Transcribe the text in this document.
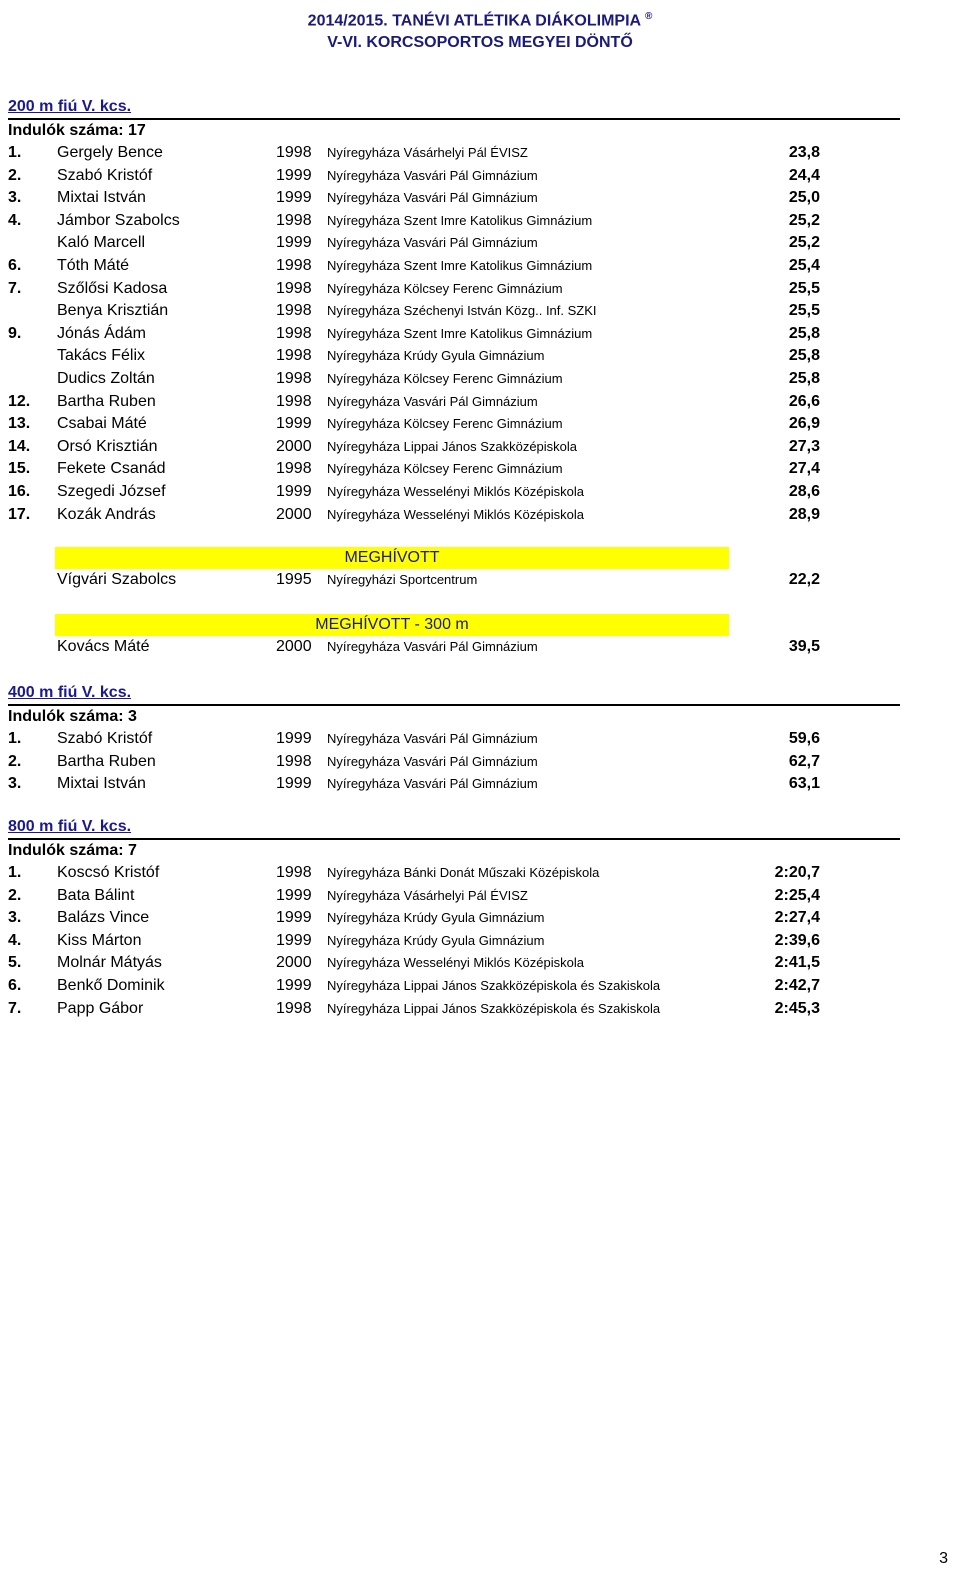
2014/2015. TANÉVI ATLÉTIKA DIÁKOLIMPIA ®
V-VI. KORCSOPORTOS MEGYEI DÖNTŐ
200 m fiú V. kcs.
Indulók száma: 17
1. Gergely Bence	1998 Nyíregyháza Vásárhelyi Pál ÉVISZ	23,8
2. Szabó Kristóf	1999 Nyíregyháza Vasvári Pál Gimnázium	24,4
3. Mixtai István	1999 Nyíregyháza Vasvári Pál Gimnázium	25,0
4. Jámbor Szabolcs	1998 Nyíregyháza Szent Imre Katolikus Gimnázium	25,2
Kaló Marcell	1999 Nyíregyháza Vasvári Pál Gimnázium	25,2
6. Tóth Máté	1998 Nyíregyháza Szent Imre Katolikus Gimnázium	25,4
7. Szőlősi Kadosa	1998 Nyíregyháza Kölcsey Ferenc Gimnázium	25,5
Benya Krisztián	1998 Nyíregyháza Széchenyi István Közg.. Inf. SZKI	25,5
9. Jónás Ádám	1998 Nyíregyháza Szent Imre Katolikus Gimnázium	25,8
Takács Félix	1998 Nyíregyháza Krúdy Gyula Gimnázium	25,8
Dudics Zoltán	1998 Nyíregyháza Kölcsey Ferenc Gimnázium	25,8
12. Bartha Ruben	1998 Nyíregyháza Vasvári Pál Gimnázium	26,6
13. Csabai Máté	1999 Nyíregyháza Kölcsey Ferenc Gimnázium	26,9
14. Orsó Krisztián	2000 Nyíregyháza Lippai János Szakközépiskola	27,3
15. Fekete Csanád	1998 Nyíregyháza Kölcsey Ferenc Gimnázium	27,4
16. Szegedi József	1999 Nyíregyháza Wesselényi Miklós Középiskola	28,6
17. Kozák András	2000 Nyíregyháza Wesselényi Miklós Középiskola	28,9
MEGHÍVOTT
Vígvári Szabolcs	1995 Nyíregyházi Sportcentrum	22,2
MEGHÍVOTT - 300 m
Kovács Máté	2000 Nyíregyháza Vasvári Pál Gimnázium	39,5
400 m fiú V. kcs.
Indulók száma: 3
1. Szabó Kristóf	1999 Nyíregyháza Vasvári Pál Gimnázium	59,6
2. Bartha Ruben	1998 Nyíregyháza Vasvári Pál Gimnázium	62,7
3. Mixtai István	1999 Nyíregyháza Vasvári Pál Gimnázium	63,1
800 m fiú V. kcs.
Indulók száma: 7
1. Koscsó Kristóf	1998 Nyíregyháza Bánki Donát Műszaki Középiskola	2:20,7
2. Bata Bálint	1999 Nyíregyháza Vásárhelyi Pál ÉVISZ	2:25,4
3. Balázs Vince	1999 Nyíregyháza Krúdy Gyula Gimnázium	2:27,4
4. Kiss Márton	1999 Nyíregyháza Krúdy Gyula Gimnázium	2:39,6
5. Molnár Mátyás	2000 Nyíregyháza Wesselényi Miklós Középiskola	2:41,5
6. Benkő Dominik	1999 Nyíregyháza Lippai János Szakközépiskola és Szakiskola	2:42,7
7. Papp Gábor	1998 Nyíregyháza Lippai János Szakközépiskola és Szakiskola	2:45,3
3
